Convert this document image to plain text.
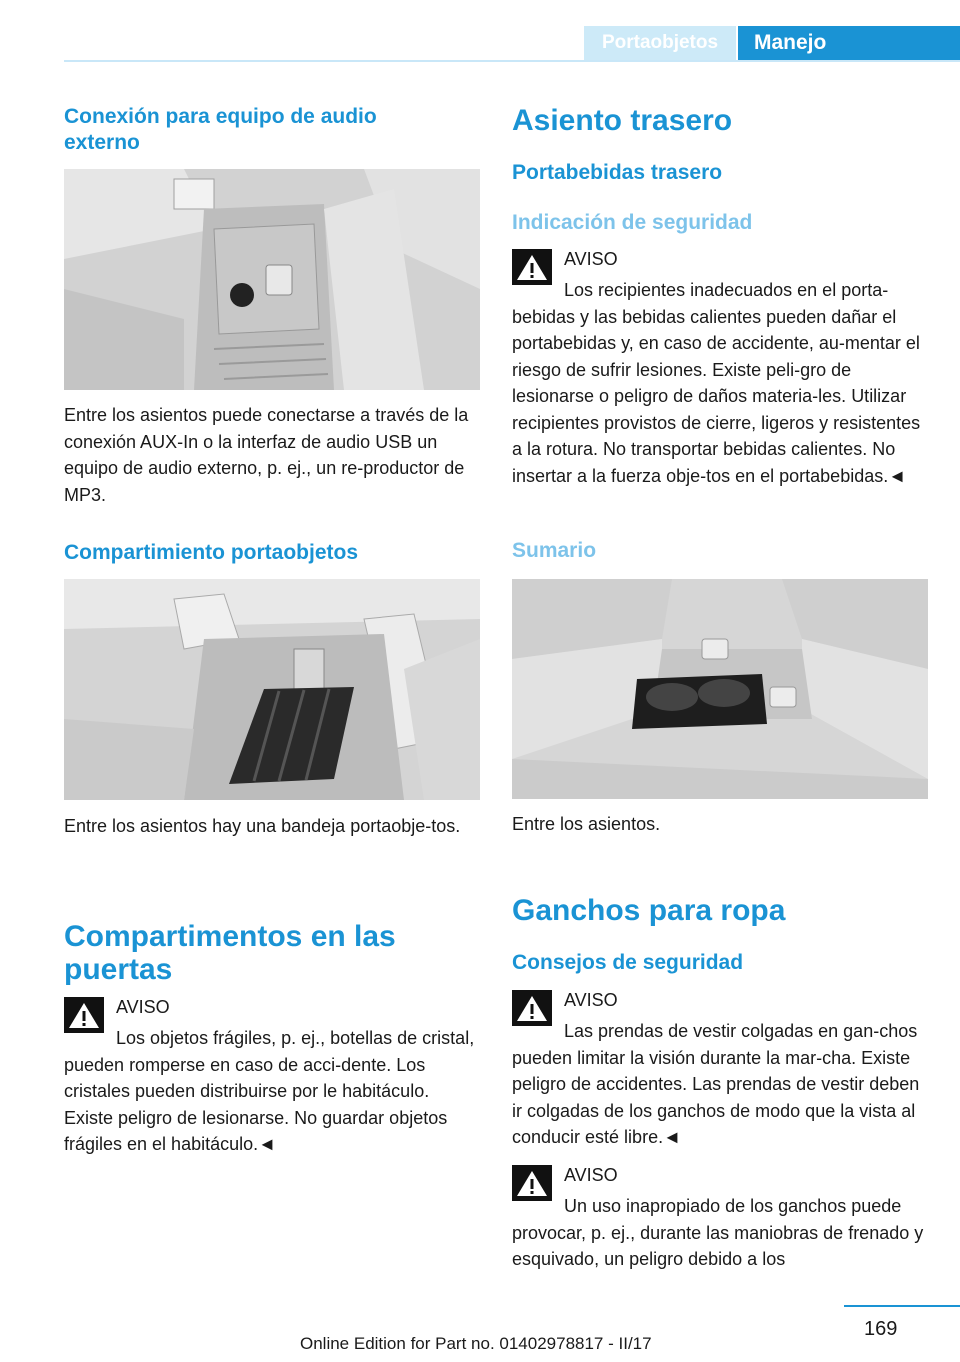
Portaobjetos	Manejo
Conexión para equipo de audio externo

Entre los asientos puede conectarse a través de la conexión AUX-In o la interfaz de audio USB un equipo de audio externo, p. ej., un re-productor de MP3.

Compartimiento portaobjetos

Entre los asientos hay una bandeja portaobje-tos.

Compartimentos en las puertas
AVISO
Los objetos frágiles, p. ej., botellas de cristal, pueden romperse en caso de acci-dente. Los cristales pueden distribuirse por le habitáculo. Existe peligro de lesionarse. No guardar objetos frágiles en el habitáculo.◄
Asiento trasero
Portabebidas trasero
Indicación de seguridad
AVISO
Los recipientes inadecuados en el porta-bebidas y las bebidas calientes pueden dañar el portabebidas y, en caso de accidente, au-mentar el riesgo de sufrir lesiones. Existe peli-gro de lesionarse o peligro de daños materia-les. Utilizar recipientes provistos de cierre, ligeros y resistentes a la rotura. No transportar bebidas calientes. No insertar a la fuerza obje-tos en el portabebidas.◄
Sumario

Entre los asientos.

Ganchos para ropa
Consejos de seguridad
AVISO
Las prendas de vestir colgadas en gan-chos pueden limitar la visión durante la mar-cha. Existe peligro de accidentes. Las prendas de vestir deben ir colgadas de los ganchos de modo que la vista al conducir esté libre.◄
AVISO
Un uso inapropiado de los ganchos puede provocar, p. ej., durante las maniobras de frenado y esquivado, un peligro debido a los
169
Online Edition for Part no. 01402978817 - II/17
